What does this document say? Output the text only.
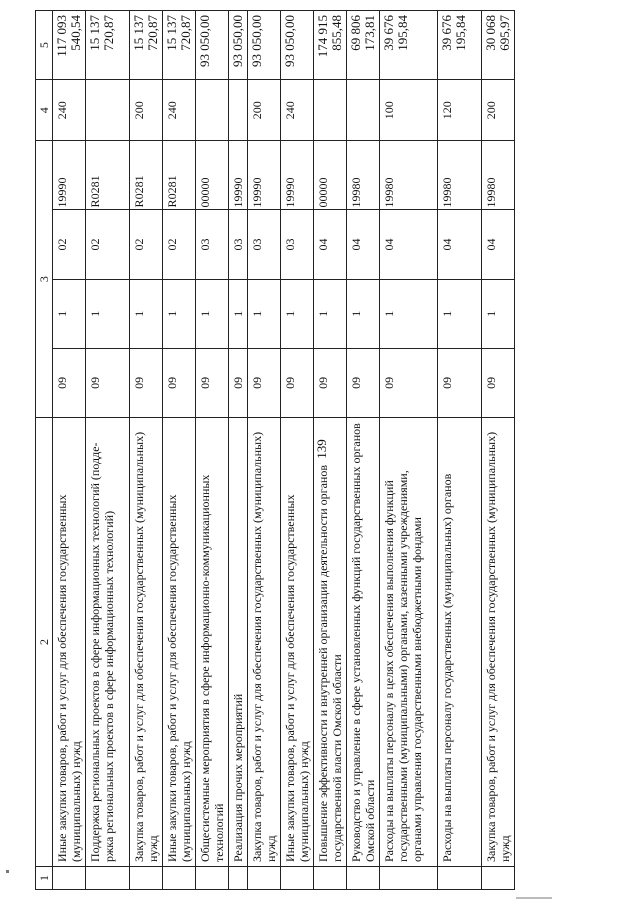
139
1	2	3				4	5
	Иные закупки товаров, работ и услуг для обеспечения государственных (муниципальных) нужд	09	1	02	19990	240	117 093 540,54
	Поддержка региональных проектов в сфере информационных технологий (поддержка региональных проектов в сфере информационных технологий)	09	1	02	R0281		15 137 720,87
	Закупка товаров, работ и услуг для обеспечения государственных (муниципальных) нужд	09	1	02	R0281	200	15 137 720,87
	Иные закупки товаров, работ и услуг для обеспечения государственных (муниципальных) нужд	09	1	02	R0281	240	15 137 720,87
	Общесистемные мероприятия в сфере информационно-коммуникационных технологий	09	1	03	00000		93 050,00
	Реализация прочих мероприятий	09	1	03	19990		93 050,00
	Закупка товаров, работ и услуг для обеспечения государственных (муниципальных) нужд	09	1	03	19990	200	93 050,00
	Иные закупки товаров, работ и услуг для обеспечения государственных (муниципальных) нужд	09	1	03	19990	240	93 050,00
	Повышение эффективности и внутренней организации деятельности органов государственной власти Омской области	09	1	04	00000		174 915 855,48
	Руководство и управление в сфере установленных функций государственных органов Омской области	09	1	04	19980		69 806 173,81
	Расходы на выплаты персоналу в целях обеспечения выполнения функций государственными (муниципальными) органами, казенными учреждениями, органами управления государственными внебюджетными фондами	09	1	04	19980	100	39 676 195,84
	Расходы на выплаты персоналу государственных (муниципальных) органов	09	1	04	19980	120	39 676 195,84
	Закупка товаров, работ и услуг для обеспечения государственных (муниципальных) нужд	09	1	04	19980	200	30 068 695,97
